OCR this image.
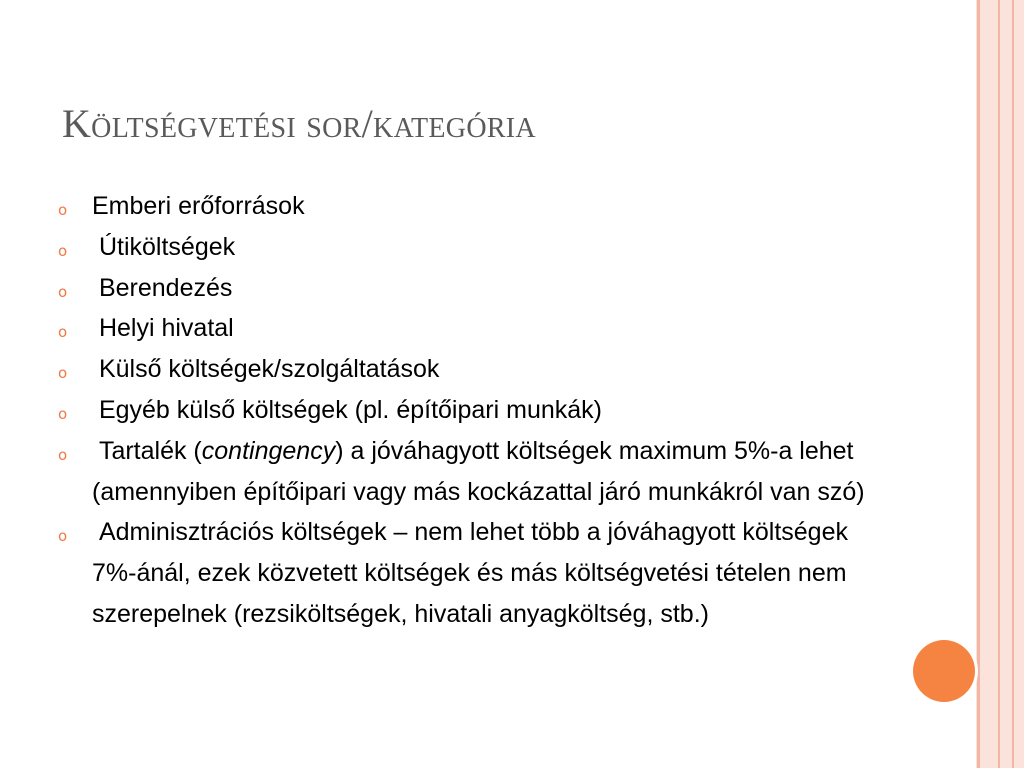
Költségvetési sor/kategória
o Emberi erőforrások
o Útiköltségek
o Berendezés
o Helyi hivatal
o Külső költségek/szolgáltatások
o Egyéb külső költségek (pl. építőipari munkák)
o Tartalék (contingency) a jóváhagyott költségek maximum 5%-a lehet (amennyiben építőipari vagy más kockázattal járó munkákról van szó)
o Adminisztrációs költségek – nem lehet több a jóváhagyott költségek  7%-ánál, ezek közvetett költségek és más költségvetési tételen nem szerepelnek (rezsiköltségek, hivatali anyagköltség, stb.)
